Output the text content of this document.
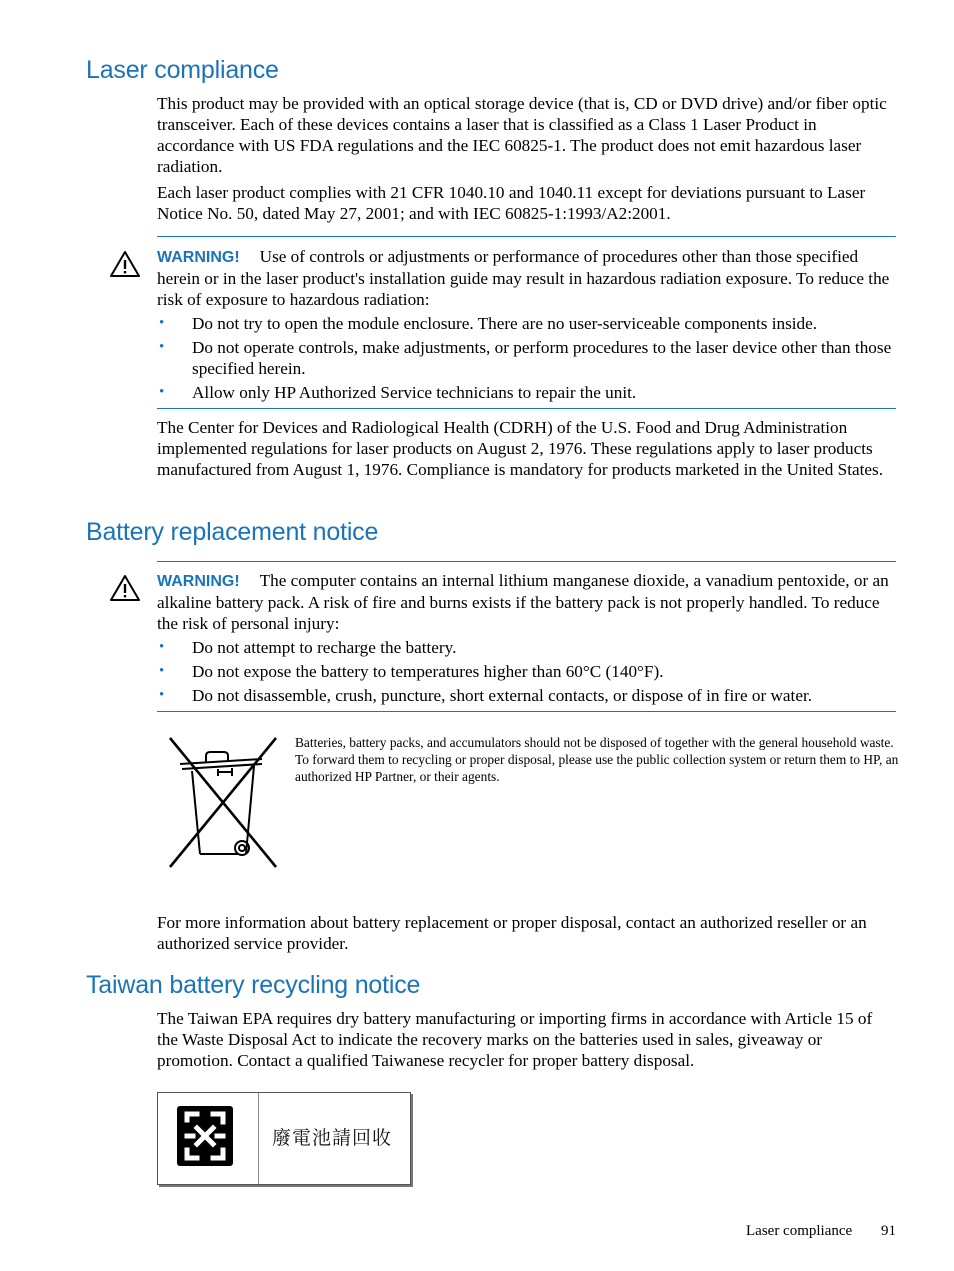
Laser compliance

This product may be provided with an optical storage device (that is, CD or DVD drive) and/or fiber optic transceiver. Each of these devices contains a laser that is classified as a Class 1 Laser Product in accordance with US FDA regulations and the IEC 60825-1. The product does not emit hazardous laser radiation.

Each laser product complies with 21 CFR 1040.10 and 1040.11 except for deviations pursuant to Laser Notice No. 50, dated May 27, 2001; and with IEC 60825-1:1993/A2:2001.

WARNING! Use of controls or adjustments or performance of procedures other than those specified herein or in the laser product's installation guide may result in hazardous radiation exposure. To reduce the risk of exposure to hazardous radiation:

• Do not try to open the module enclosure. There are no user-serviceable components inside.
• Do not operate controls, make adjustments, or perform procedures to the laser device other than those specified herein.
• Allow only HP Authorized Service technicians to repair the unit.

The Center for Devices and Radiological Health (CDRH) of the U.S. Food and Drug Administration implemented regulations for laser products on August 2, 1976. These regulations apply to laser products manufactured from August 1, 1976. Compliance is mandatory for products marketed in the United States.

Battery replacement notice

WARNING! The computer contains an internal lithium manganese dioxide, a vanadium pentoxide, or an alkaline battery pack. A risk of fire and burns exists if the battery pack is not properly handled. To reduce the risk of personal injury:

• Do not attempt to recharge the battery.
• Do not expose the battery to temperatures higher than 60°C (140°F).
• Do not disassemble, crush, puncture, short external contacts, or dispose of in fire or water.

Batteries, battery packs, and accumulators should not be disposed of together with the general household waste. To forward them to recycling or proper disposal, please use the public collection system or return them to HP, an authorized HP Partner, or their agents.

For more information about battery replacement or proper disposal, contact an authorized reseller or an authorized service provider.

Taiwan battery recycling notice

The Taiwan EPA requires dry battery manufacturing or importing firms in accordance with Article 15 of the Waste Disposal Act to indicate the recovery marks on the batteries used in sales, giveaway or promotion. Contact a qualified Taiwanese recycler for proper battery disposal.

廢電池請回收
Laser compliance 91
